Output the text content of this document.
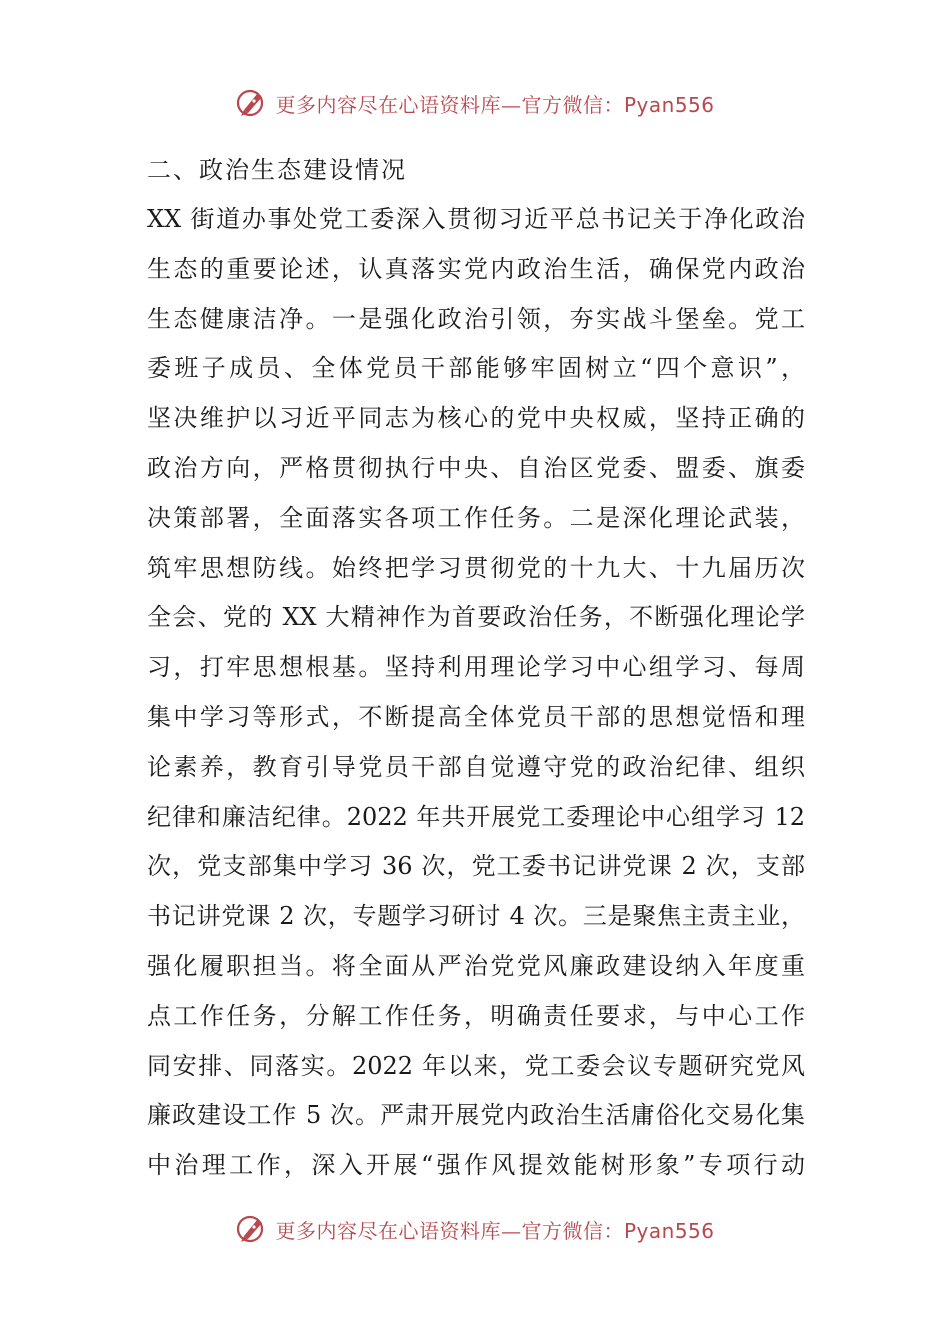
更多内容尽在心语资料库—官方微信：Pyan556
二、政治生态建设情况
XX 街道办事处党工委深入贯彻习近平总书记关于净化政治
生态的重要论述，认真落实党内政治生活，确保党内政治
生态健康洁净。一是强化政治引领，夯实战斗堡垒。党工
委班子成员、全体党员干部能够牢固树立“四个意识”，
坚决维护以习近平同志为核心的党中央权威，坚持正确的
政治方向，严格贯彻执行中央、自治区党委、盟委、旗委
决策部署，全面落实各项工作任务。二是深化理论武装，
筑牢思想防线。始终把学习贯彻党的十九大、十九届历次
全会、党的 XX 大精神作为首要政治任务，不断强化理论学
习，打牢思想根基。坚持利用理论学习中心组学习、每周
集中学习等形式，不断提高全体党员干部的思想觉悟和理
论素养，教育引导党员干部自觉遵守党的政治纪律、组织
纪律和廉洁纪律。2022 年共开展党工委理论中心组学习 12
次，党支部集中学习 36 次，党工委书记讲党课 2 次，支部
书记讲党课 2 次，专题学习研讨 4 次。三是聚焦主责主业，
强化履职担当。将全面从严治党党风廉政建设纳入年度重
点工作任务，分解工作任务，明确责任要求，与中心工作
同安排、同落实。2022 年以来，党工委会议专题研究党风
廉政建设工作 5 次。严肃开展党内政治生活庸俗化交易化集
中治理工作，深入开展“强作风提效能树形象”专项行动
更多内容尽在心语资料库—官方微信：Pyan556
